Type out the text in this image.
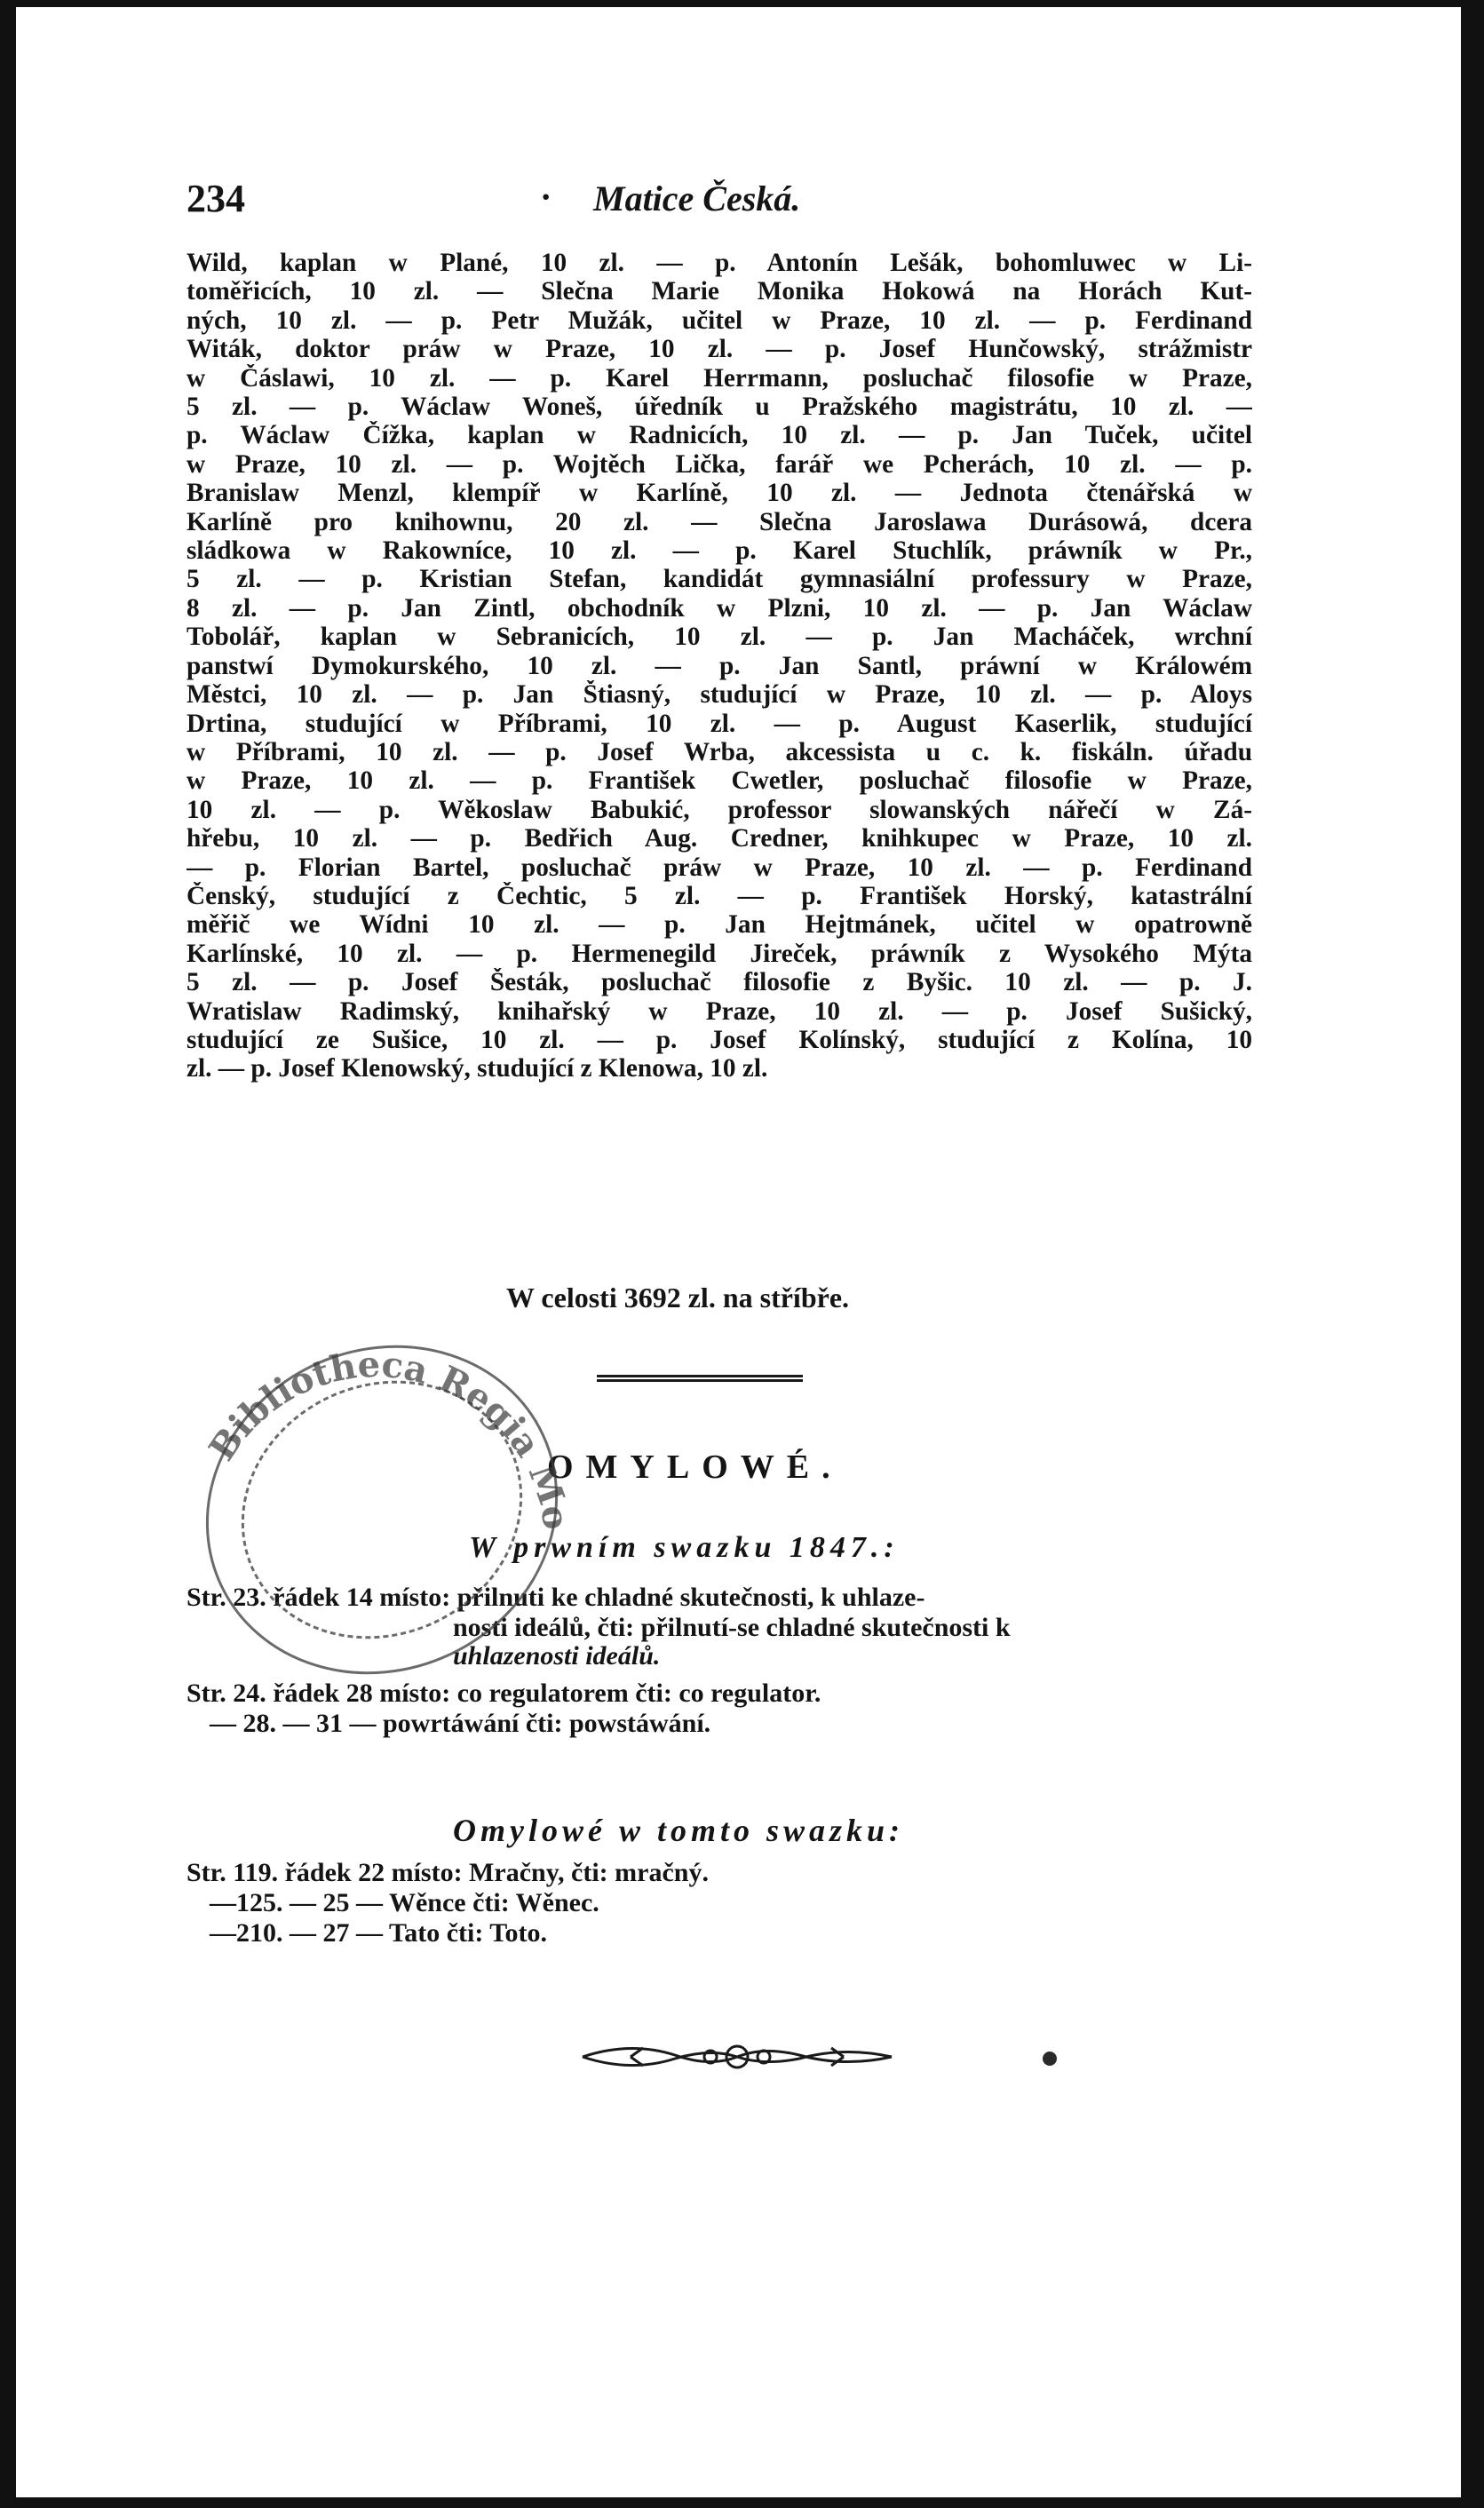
234	· Matice Česká.
Wild, kaplan w Plané, 10 zl. — p. Antonín Lešák, bohomluwec w Li-
toměřicích, 10 zl. — Slečna Marie Monika Hokowá na Horách Kut-
ných, 10 zl. — p. Petr Mužák, učitel w Praze, 10 zl. — p. Ferdinand
Witák, doktor práw w Praze, 10 zl. — p. Josef Hunčowský, strážmistr
w Čáslawi, 10 zl. — p. Karel Herrmann, posluchač filosofie w Praze,
5 zl. — p. Wáclaw Woneš, úředník u Pražského magistrátu, 10 zl. —
p. Wáclaw Čížka, kaplan w Radnicích, 10 zl. — p. Jan Tuček, učitel
w Praze, 10 zl. — p. Wojtěch Lička, farář we Pcherách, 10 zl. — p.
Branislaw Menzl, klempíř w Karlíně, 10 zl. — Jednota čtenářská w
Karlíně pro knihownu, 20 zl. — Slečna Jaroslawa Durásowá, dcera
sládkowa w Rakowníce, 10 zl. — p. Karel Stuchlík, práwník w Pr.,
5 zl. — p. Kristian Stefan, kandidát gymnasiální professury w Praze,
8 zl. — p. Jan Zintl, obchodník w Plzni, 10 zl. — p. Jan Wáclaw
Tobolář, kaplan w Sebranicích, 10 zl. — p. Jan Macháček, wrchní
panstwí Dymokurského, 10 zl. — p. Jan Santl, práwní w Králowém
Městci, 10 zl. — p. Jan Štiasný, studující w Praze, 10 zl. — p. Aloys
Drtina, studující w Příbrami, 10 zl. — p. August Kaserlik, studující
w Příbrami, 10 zl. — p. Josef Wrba, akcessista u c. k. fiskáln. úřadu
w Praze, 10 zl. — p. František Cwetler, posluchač filosofie w Praze,
10 zl. — p. Wěkoslaw Babukić, professor slowanských nářečí w Zá-
hřebu, 10 zl. — p. Bedřich Aug. Credner, knihkupec w Praze, 10 zl.
— p. Florian Bartel, posluchač práw w Praze, 10 zl. — p. Ferdinand
Čenský, studující z Čechtic, 5 zl. — p. František Horský, katastrální
měřič we Wídni 10 zl. — p. Jan Hejtmánek, učitel w opatrowně
Karlínské, 10 zl. — p. Hermenegild Jireček, práwník z Wysokého Mýta
5 zl. — p. Josef Šesták, posluchač filosofie z Byšic. 10 zl. — p. J.
Wratislaw Radimský, knihařský w Praze, 10 zl. — p. Josef Sušický,
studující ze Sušice, 10 zl. — p. Josef Kolínský, studující z Kolína, 10
zl. — p. Josef Klenowský, studující z Klenowa, 10 zl.
W celosti 3692 zl. na stříbře.
OMYLOWÉ.
W prwním swazku 1847.:
Str. 23. řádek 14 místo: přilnuti ke chladné skutečnosti, k uhlaze-
nosti ideálů, čti: přilnutí-se chladné skutečnosti k
uhlazenosti ideálů.
Str. 24. řádek 28 místo: co regulatorem čti: co regulator.
— 28. — 31 — powrtáwání čti: powstáwání.
Omylowé w tomto swazku:
Str. 119. řádek 22 místo: Mračny, čti: mračný.
—125. — 25 — Wěnce čti: Wěnec.
—210. — 27 — Tato čti: Toto.
Bibliotheca Regia Monacensis
